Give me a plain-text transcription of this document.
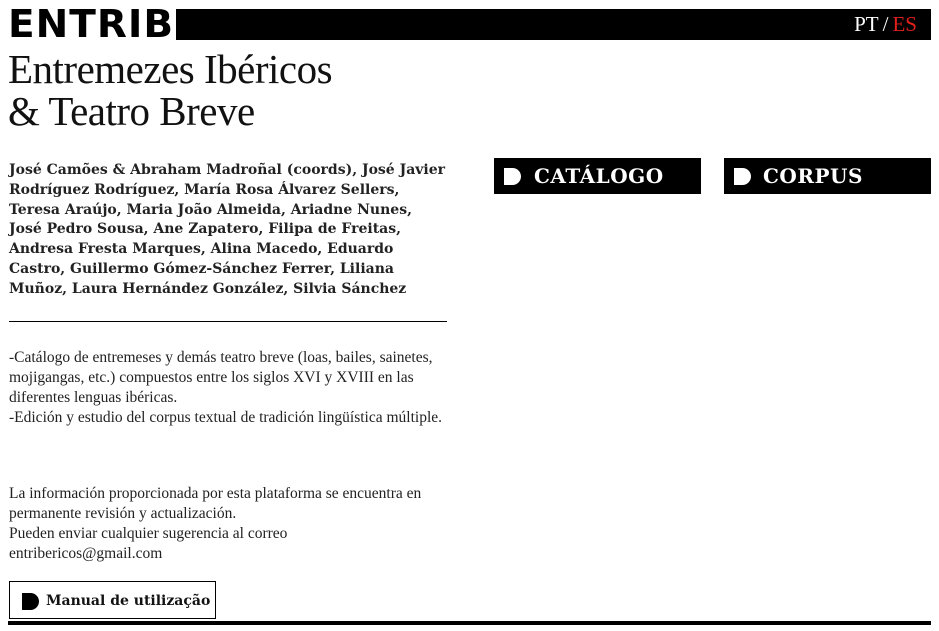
ENTRIB	PT / ES
Entremezes Ibéricos
& Teatro Breve
José Camões & Abraham Madroñal (coords), José Javier Rodríguez Rodríguez, María Rosa Álvarez Sellers, Teresa Araújo, Maria João Almeida, Ariadne Nunes, José Pedro Sousa, Ane Zapatero, Filipa de Freitas, Andresa Fresta Marques, Alina Macedo, Eduardo Castro, Guillermo Gómez-Sánchez Ferrer, Liliana Muñoz, Laura Hernández González, Silvia Sánchez
-Catálogo de entremeses y demás teatro breve (loas, bailes, sainetes, mojigangas, etc.) compuestos entre los siglos XVI y XVIII en las diferentes lenguas ibéricas.
-Edición y estudio del corpus textual de tradición lingüística múltiple.
La información proporcionada por esta plataforma se encuentra en permanente revisión y actualización.
Pueden enviar cualquier sugerencia al correo
entribericos@gmail.com
Manual de utilização
CATÁLOGO	CORPUS
